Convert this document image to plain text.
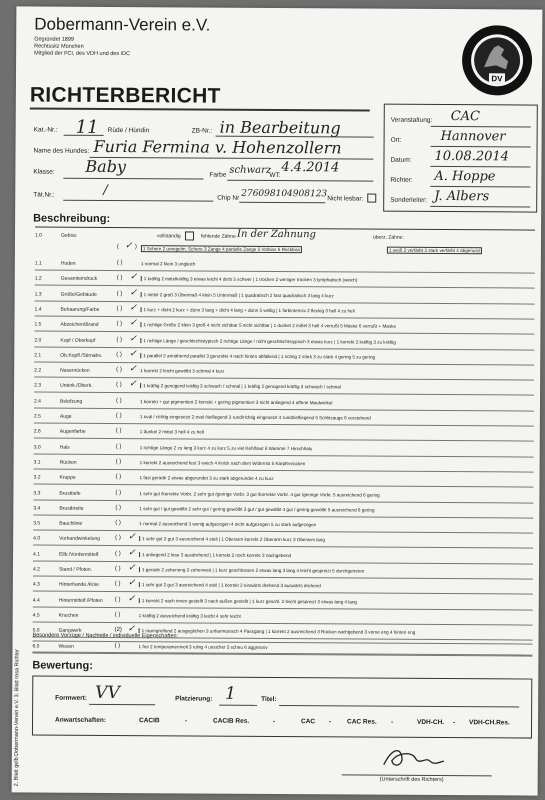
Dobermann-Verein e.V.
Gegründet 1899
Rechtssitz München
Mitglied der FCI, des VDH und des IDC
DV
RICHTERBERICHT
Kat.-Nr.: 11 Rüde / Hündin	ZB-Nr.: in Bearbeitung
Name des Hundes: Furia Fermina v. Hohenzollern
Klasse: Baby	Farbe schwarz
WT:
4.4.2014
Tät.Nr.:	/
Chip Nr 276098104908123 Nicht lesbar:
Veranstaltung: CAC
Ort:	Hannover
Datum: 10.08.2014
Richter: A. Hoppe
Sonderleiter: J. Albers
Beschreibung:
1.0	Gebiss	vollständig	fehlende Zähne In der Zahnung	überz. Zähne:
( ✓ )	1 Schere 2 unregelm. Schere 3 Zange 4 partielle Zange 5 Vorbiss 6 Rückbiss	1 weiß 2 verfärbt 3 stark verfärbt 4 abgenutzt
1.1	Hoden	( )	1 normal 2 klein 3 ungleich
1.2	Gesamteindruck	( ) ✓	1 kräftig 2 mittelkräftig 3 etwas leicht 4 derb 5 schwer | 1 trocken 2 weniger trocken 3 lymphatisch (weich)
1.3	Größe/Gebäude	( ) ✓	1 mittel 2 groß 3 Übermaß 4 klein 5 Untermaß | 1 quadratisch 2 fast quadratisch 3 lang 4 kurz
1.4	Behaarung/Farbe	( ) ✓	1 kurz + dicht 2 kurz + dünn 3 lang + dicht 4 lang + dünn 5 wellig | 1 farbintensiv 2 fleckig 3 hell 4 zu hell
1.5	Abzeichen/Brand	( ) ✓	1 richtige Größe 2 klein 3 groß 4 nicht sichtbar 5 nicht sichtbar | 1 dunkel 2 mittel 3 hell 4 verrußt 5 Maske 6 verrußt + Maske
2.0	Kopf / Oberkopf	( ) ✓	1 richtige Länge / geschlechtstypisch 2 richtige Länge / nicht geschlechtstypisch 3 etwas kurz | 1 korrekt 2 kräftig 3 zu kräftig
2.1	Ob.Kopfl./Stirnabs. ( ) ✓	1 parallel 2 annähernd parallel 3 gerundet 4 nach hinten abfallend | 1 richtig 2 stark 3 zu stark 4 gering 5 zu gering
2.2	Nasenrücken	( ) ✓ 1 korrekt 2 leicht gewölbt 3 schmal 4 kurz
2.3	Unterk./Oberk.	( ) ✓	1 kräftig 2 genügend kräftig 3 schwach / schmal | 1 kräftig 2 genügend kräftig 3 schwach / schmal
2.4	Belefzung	( )	1 korrekt + gut pigmentiert 2 korrekt + gering pigmentiert 3 nicht anliegend 4 offene Maulwinkel
2.5	Auge	( )	1 oval / richtig eingesetzt 2 oval /tiefliegend 3 rund/richtig eingesetzt 4 rund/tiefliegend 5 Schlitzauge 6 vorstehend
2.6	Augenfarbe	( )	1 dunkel 2 mittel 3 hell 4 zu hell
3.0	Hals	( )	1 richtige Länge 2 zu lang 3 kurz 4 zu kurz 5 zu viel Kehlhaut 6 Wamme 7 Hirschhals
3.1	Rücken	( )	1 korrekt 2 ausreichend fest 3 weich 4 Knick nach dem Widerrist 5 Karpfenrücken
3.2	Kruppe	( )	1 fast gerade 2 etwas abgerundet 3 zu stark abgerundet 4 zu kurz
3.3	Brusttiefe	( )	1 sehr gut /korrekte Vorbr. 2 sehr gut /geringe Vorbr. 3 gut /korrekte Vorbr. 4 gut /geringe Vorbr. 5 ausreichend 6 gering
3.4	Brustbreite	( )	1 sehr gut / gut gewölbt 2 sehr gut / gering gewölbt 3 gut / gut gewölbt 4 gut / gering gewölbt 5 ausreichend 6 gering
3.5	Bauchlinie	( )	1 normal 2 ausreichend 3 wenig aufgezogen 4 nicht aufgezogen 5 zu stark aufgezogen
4.0	Vorhandwinkelung	( ) ✓	1 sehr gut 2 gut 3 ausreichend 4 steil | 1 Oberarm korrekt 2 Oberarm kurz 3 Oberarm lang
4.1	Ellb./Vordermittelf.	( ) ✓	1 anliegend 2 lose 3 ausdrehend | 1 korrekt 2 noch korrekt 3 nachgebend
4.2	Stand / Pfoten.	( ) ✓	1 gerade 2 zeheneng 3 zehenweit | 1 kurz geschlossen 2 etwas lang 3 lang 4 leicht gespreizt 5 durchgetreten
4.3	Hinterhande./Knie	( ) ✓	1 sehr gut 2 gut 3 ausreichend 4 steil | 1 korrekt 2 einwärts drehend 3 auswärts drehend
4.4	Hintermittelf./Pfoten ( ) ✓	1 korrekt 2 nach innen gestellt 3 nach außen gestellt | 1 kurz geschl. 2 leicht gespreizt 3 etwas lang 4 lang
4.5	Knochen	( )	1 kräftig 2 ausreichend kräftig 3 leicht 4 sehr leicht
5.0	Gangwerk	(2) ✓	1 raumgreifend 2 ausgeglichen 3 unharmonisch 4 Passgang | 1 korrekt 2 ausreichend 3 Rücken nachgebend 3 vorne eng 4 hinten eng
6.0	Wesen	( )	1 frei 2 temperamentvoll 3 ruhig 4 unsicher 5 scheu 6 aggressiv
Besondere Vorzüge / Nachteile / individuelle Eigenschaften:
Bewertung:
Formwert: VV	Platzierung: 1	Titel:
Anwartschaften:	CACIB	-	CACIB Res.	-	CAC - CAC Res. -	VDH-CH. - VDH-CH.Res.
(Unterschrift des Richters)
2. Blatt gelb Dobermann-Verein e.V. 3. Blatt rosa Richter
